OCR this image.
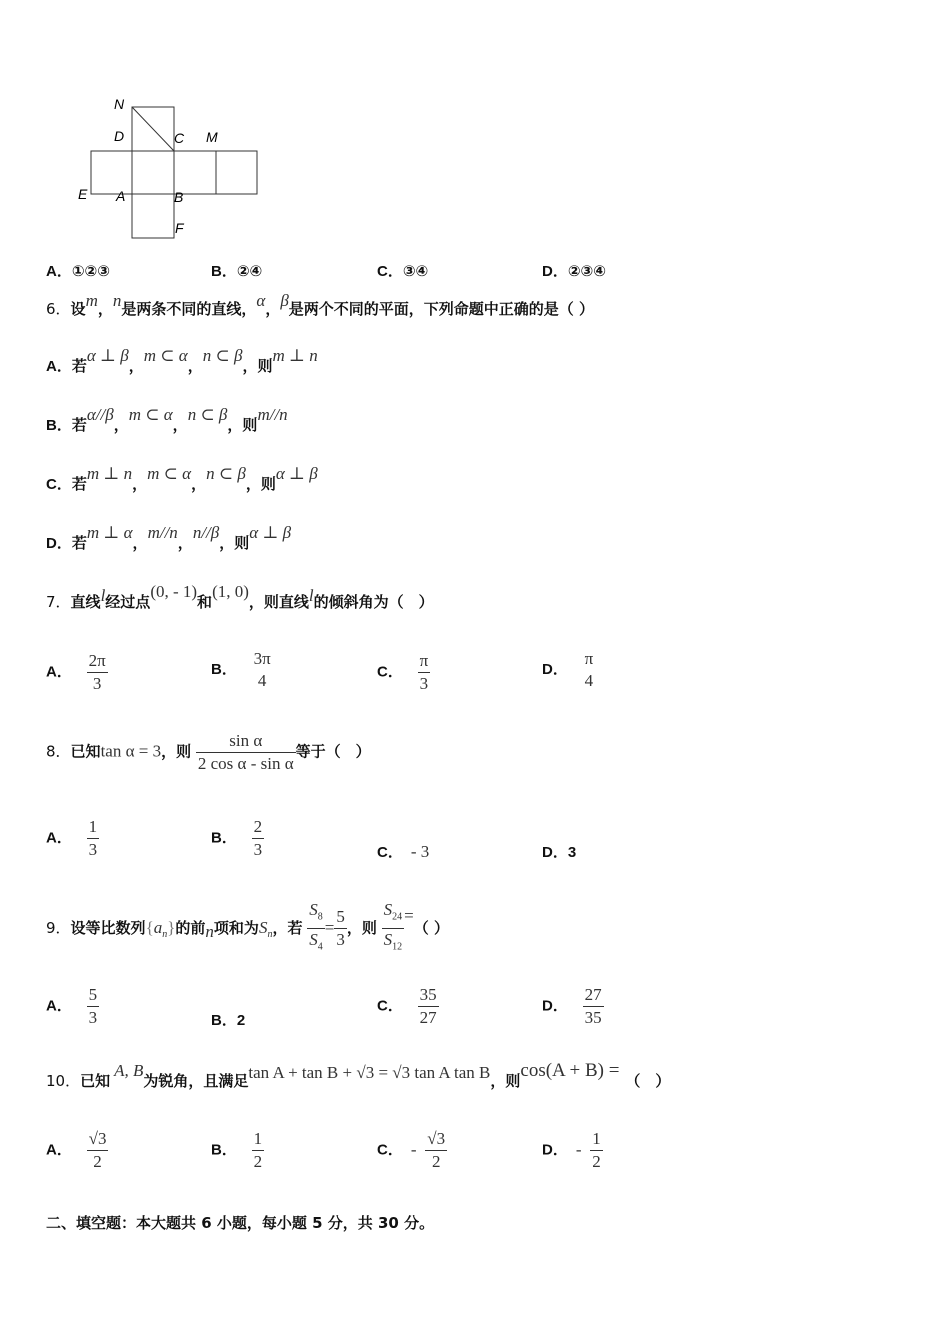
N
D	C M
E A	B
F
A．①②③	B．②④	C．③④	D．②③④
6．设m，n是两条不同的直线，α，β是两个不同的平面，下列命题中正确的是（ ）
A．若α ⊥ β，m ⊂ α，n ⊂ β，则m ⊥ n
B．若α//β，m ⊂ α，n ⊂ β，则m//n
C．若m ⊥ n，m ⊂ α，n ⊂ β，则α ⊥ β
D．若m ⊥ α，m//n，n//β，则α ⊥ β
7．直线l经过点(0, - 1)和(1, 0)，则直线l的倾斜角为（　）
A． $\frac{2\pi}{3}$	B．
3π
4	C． $\frac{\pi}{3}$	D．
π
4
8．已知tan α = 3，则 $\frac{\text{sin α}}{\text{2 cos α - sin α}}$ 等于（　）
A． $\frac{1}{3}$	B． $\frac{2}{3}$	C． - 3	D．3
9．设等比数列$\{a_n\}$的前n项和为$S_n$，若 $\frac{S_8}{S_4} = \frac{5}{3}$ ，则 $\frac{S_{24}}{S_{12}}$ =（ ）
A． $\frac{5}{3}$	B．2
C． $\frac{35}{27}$	D． $\frac{27}{35}$
10．已知A, B为锐角，且满足tan A + tan B + √3 = √3 tan A tan B，则cos(A + B) = （　）
A． $\frac{√3}{2}$	B． $\frac{1}{2}$	C． - $\frac{√3}{2}$	D． - $\frac{1}{2}$
二、填空题：本大题共 6 小题，每小题 5 分，共 30 分。
